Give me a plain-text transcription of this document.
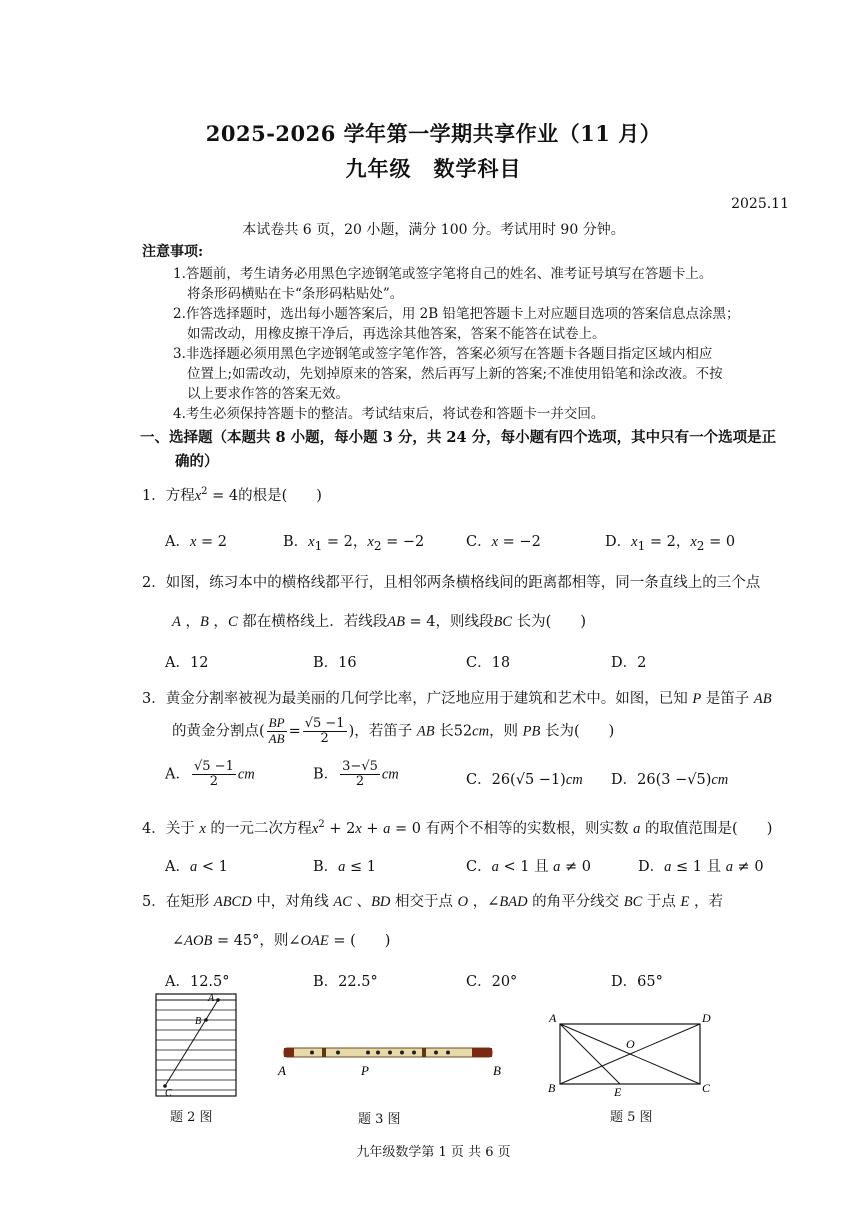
2025-2026 学年第一学期共享作业（11 月）
九年级　数学科目
2025.11
本试卷共 6 页，20 小题，满分 100 分。考试用时 90 分钟。
注意事项:
1.答题前，考生请务必用黑色字迹钢笔或签字笔将自己的姓名、准考证号填写在答题卡上。
将条形码横贴在卡“条形码粘贴处”。
2.作答选择题时，选出每小题答案后，用 2B 铅笔把答题卡上对应题目选项的答案信息点涂黑；
如需改动，用橡皮擦干净后，再选涂其他答案，答案不能答在试卷上。
3.非选择题必须用黑色字迹钢笔或签字笔作答，答案必须写在答题卡各题目指定区域内相应
位置上;如需改动，先划掉原来的答案，然后再写上新的答案;不准使用铅笔和涂改液。不按
以上要求作答的答案无效。
4.考生必须保持答题卡的整洁。考试结束后，将试卷和答题卡一并交回。
一、选择题（本题共 8 小题，每小题 3 分，共 24 分，每小题有四个选项，其中只有一个选项是正
确的）
1．方程$x^2 = 4$的根是(　　)
A．x = 2	B．$x_1 = 2$，$x_2 = -2$	C．x = −2	D．$x_1 = 2$，$x_2 = 0$
2．如图，练习本中的横格线都平行，且相邻两条横格线间的距离都相等，同一条直线上的三个点
A ，B ，C 都在横格线上．若线段AB = 4，则线段BC 长为(　　)
A．12	B．16	C．18	D．2
3．黄金分割率被视为最美丽的几何学比率，广泛地应用于建筑和艺术中。如图，已知 P 是笛子 AB
的黄金分割点( $\frac{BP}{AB} = \frac{√5 -1}{2}$ )，若笛子 AB 长52cm，则 PB 长为(　　)
A． $\frac{√5 -1}{2}$ cm	B． $\frac{3-√5}{2}$ cm	C．26(√5 −1)cm D．26(3 −√5)cm
4．关于 x 的一元二次方程$x^2 + 2x + a = 0$ 有两个不相等的实数根，则实数 a 的取值范围是(　　)
A．a < 1	B．a ≤ 1	C．a < 1 且 a ≠ 0	D．a ≤ 1 且 a ≠ 0
5．在矩形 ABCD 中，对角线 AC 、BD 相交于点 O ，∠BAD 的角平分线交 BC 于点 E ，若
∠AOB = 45°，则∠OAE = (　　)
A．12.5°	B．22.5°	C．20°	D．65°
A
B
C
题 2 图
A	P	B
题 3 图
A	D
O
B	E	C
题 5 图
九年级数学第 1 页 共 6 页
